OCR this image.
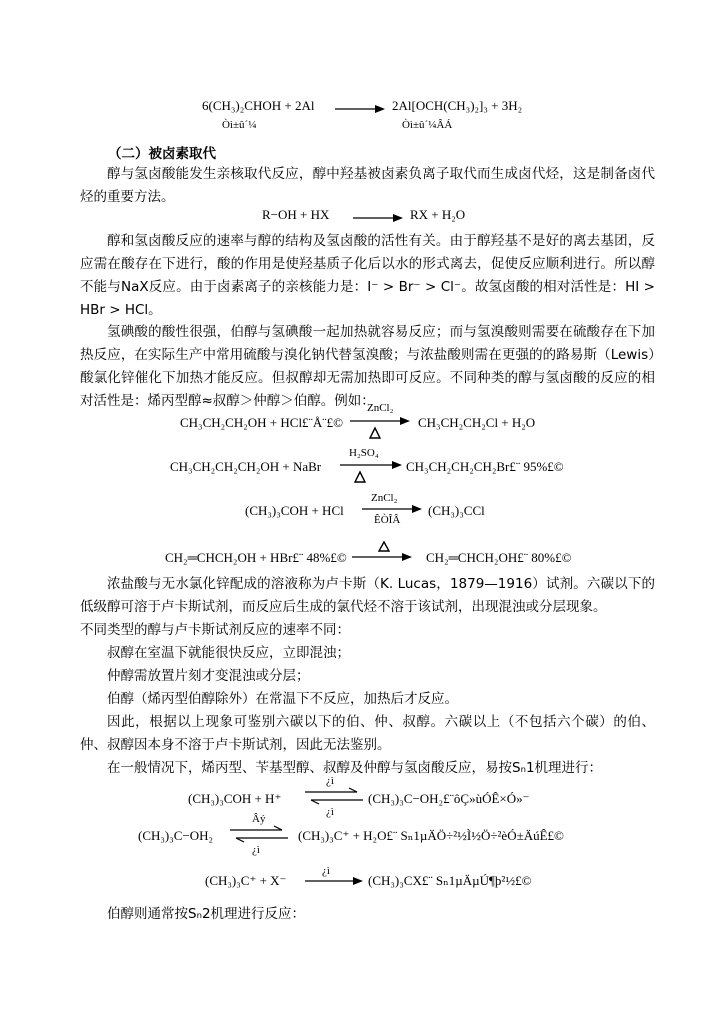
6(CH₃)₂CHOH + 2Al	2Al[OCH(CH₃)₂]₃ + 3H₂
Òì±û´¼	Òì±û´¼ÂÁ
（二）被卤素取代
醇与氢卤酸能发生亲核取代反应，醇中羟基被卤素负离子取代而生成卤代烃，这是制备卤代烃的重要方法。
R−OH + HX	RX + H₂O
醇和氢卤酸反应的速率与醇的结构及氢卤酸的活性有关。由于醇羟基不是好的离去基团，反应需在酸存在下进行，酸的作用是使羟基质子化后以水的形式离去，促使反应顺利进行。所以醇不能与NaX反应。由于卤素离子的亲核能力是：I⁻ > Br⁻ > Cl⁻。故氢卤酸的相对活性是：HI > HBr > HCl。
氢碘酸的酸性很强，伯醇与氢碘酸一起加热就容易反应；而与氢溴酸则需要在硫酸存在下加热反应，在实际生产中常用硫酸与溴化钠代替氢溴酸；与浓盐酸则需在更强的的路易斯（Lewis）酸氯化锌催化下加热才能反应。但叔醇却无需加热即可反应。不同种类的醇与氢卤酸的反应的相对活性是：烯丙型醇≈叔醇＞仲醇＞伯醇。例如：
CH₃CH₂CH₂OH + HCl£¨Å¨£©
ZnCl₂
CH₃CH₂CH₂Cl + H₂O
CH₃CH₂CH₂CH₂OH + NaBr
H₂SO₄
CH₃CH₂CH₂CH₂Br£¨ 95%£©
(CH₃)₃COH + HCl
ZnCl₂
ÊÒÎÂ
(CH₃)₃CCl
CH₂═CHCH₂OH + HBr£¨ 48%£©	CH₂═CHCH₂OH£¨ 80%£©
浓盐酸与无水氯化锌配成的溶液称为卢卡斯（K. Lucas，1879—1916）试剂。六碳以下的低级醇可溶于卢卡斯试剂，而反应后生成的氯代烃不溶于该试剂，出现混浊或分层现象。
不同类型的醇与卢卡斯试剂反应的速率不同：
叔醇在室温下就能很快反应，立即混浊；
仲醇需放置片刻才变混浊或分层；
伯醇（烯丙型伯醇除外）在常温下不反应，加热后才反应。
因此，根据以上现象可鉴别六碳以下的伯、仲、叔醇。六碳以上（不包括六个碳）的伯、仲、叔醇因本身不溶于卢卡斯试剂，因此无法鉴别。
在一般情况下，烯丙型、苄基型醇、叔醇及仲醇与氢卤酸反应，易按Sₙ1机理进行：
(CH₃)₃COH + H⁺
¿ì
¿ì
(CH₃)₃C−OH₂£¨ôÇ»ùÓÊ×Ó»⁻
(CH₃)₃C−OH₂
Âý
¿ì
(CH₃)₃C⁺ + H₂O£¨ Sₙ1µÄÖ÷²½Ì½Ö÷²èÓ±ÄúÊ£©
(CH₃)₃C⁺ + X⁻
¿ì
(CH₃)₃CX£¨ Sₙ1µÄµÚ¶þ²½£©
伯醇则通常按Sₙ2机理进行反应：
